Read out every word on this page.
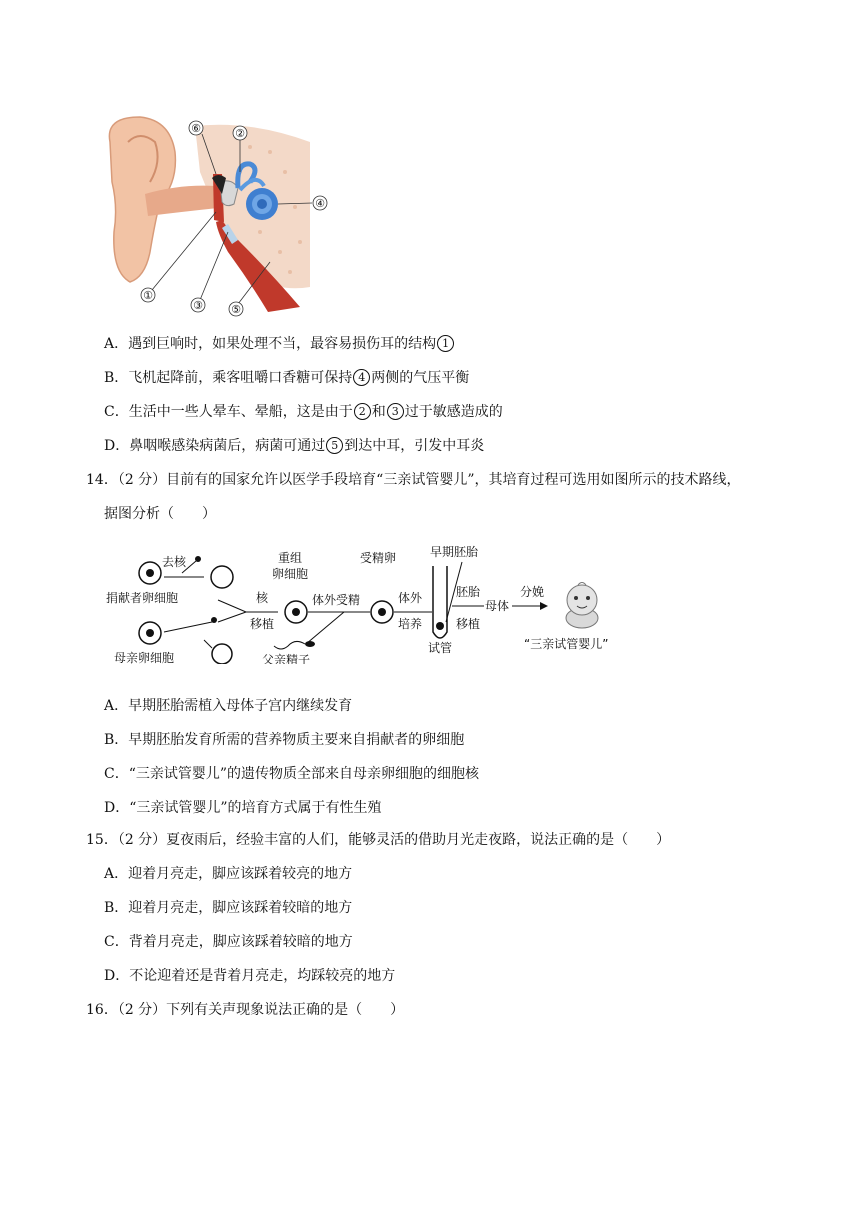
⑥	②
④
①
③	⑤
A．遇到巨响时，如果处理不当，最容易损伤耳的结构 1
B．飞机起降前，乘客咀嚼口香糖可保持 4 两侧的气压平衡
C．生活中一些人晕车、晕船，这是由于 2 和 3 过于敏感造成的
D．鼻咽喉感染病菌后，病菌可通过 5 到达中耳，引发中耳炎
14．（2 分）目前有的国家允许以医学手段培育“三亲试管婴儿”，其培育过程可选用如图所示的技术路线，
据图分析（　　）
去核
捐献者卵细胞
母亲卵细胞
核
移植
重组
卵细胞
体外受精
父亲精子
受精卵
体外
培养
早期胚胎
试管
胚胎
移植
母体
分娩
“三亲试管婴儿”
A．早期胚胎需植入母体子宫内继续发育
B．早期胚胎发育所需的营养物质主要来自捐献者的卵细胞
C．“三亲试管婴儿”的遗传物质全部来自母亲卵细胞的细胞核
D．“三亲试管婴儿”的培育方式属于有性生殖
15．（2 分）夏夜雨后，经验丰富的人们，能够灵活的借助月光走夜路，说法正确的是（　　）
A．迎着月亮走，脚应该踩着较亮的地方
B．迎着月亮走，脚应该踩着较暗的地方
C．背着月亮走，脚应该踩着较暗的地方
D．不论迎着还是背着月亮走，均踩较亮的地方
16．（2 分）下列有关声现象说法正确的是（　　）
